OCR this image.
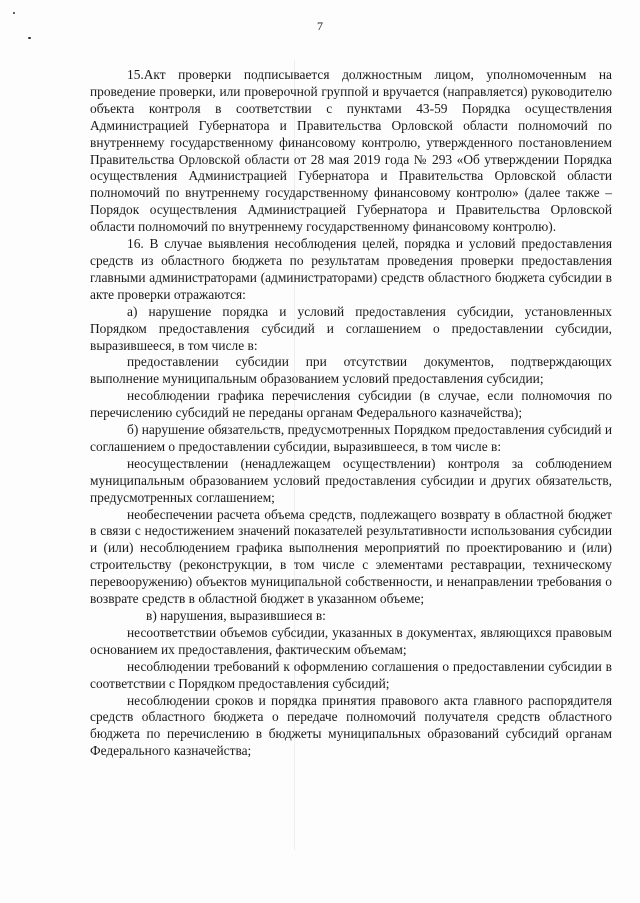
7

15.Акт проверки подписывается должностным лицом, уполномоченным на проведение проверки, или проверочной группой и вручается (направляется) руководителю объекта контроля в соответствии с пунктами 43-59 Порядка осуществления Администрацией Губернатора и Правительства Орловской области полномочий по внутреннему государственному финансовому контролю, утвержденного постановлением Правительства Орловской области от 28 мая 2019 года № 293 «Об утверждении Порядка осуществления Администрацией Губернатора и Правительства Орловской области полномочий по внутреннему государственному финансовому контролю» (далее также – Порядок осуществления Администрацией Губернатора и Правительства Орловской области полномочий по внутреннему государственному финансовому контролю).

16. В случае выявления несоблюдения целей, порядка и условий предоставления средств из областного бюджета по результатам проведения проверки предоставления главными администраторами (администраторами) средств областного бюджета субсидии в акте проверки отражаются:

а) нарушение порядка и условий предоставления субсидии, установленных Порядком предоставления субсидий и соглашением о предоставлении субсидии, выразившееся, в том числе в:

предоставлении субсидии при отсутствии документов, подтверждающих выполнение муниципальным образованием условий предоставления субсидии;

несоблюдении графика перечисления субсидии (в случае, если полномочия по перечислению субсидий не переданы органам Федерального казначейства);

б) нарушение обязательств, предусмотренных Порядком предоставления субсидий и соглашением о предоставлении субсидии, выразившееся, в том числе в:

неосуществлении (ненадлежащем осуществлении) контроля за соблюдением муниципальным образованием условий предоставления субсидии и других обязательств, предусмотренных соглашением;

необеспечении расчета объема средств, подлежащего возврату в областной бюджет в связи с недостижением значений показателей результативности использования субсидии и (или) несоблюдением графика выполнения мероприятий по проектированию и (или) строительству (реконструкции, в том числе с элементами реставрации, техническому перевооружению) объектов муниципальной собственности, и ненаправлении требования о возврате средств в областной бюджет в указанном объеме;

в) нарушения, выразившиеся в:

несоответствии объемов субсидии, указанных в документах, являющихся правовым основанием их предоставления, фактическим объемам;

несоблюдении требований к оформлению соглашения о предоставлении субсидии в соответствии с Порядком предоставления субсидий;

несоблюдении сроков и порядка принятия правового акта главного распорядителя средств областного бюджета о передаче полномочий получателя средств областного бюджета по перечислению в бюджеты муниципальных образований субсидий органам Федерального казначейства;
